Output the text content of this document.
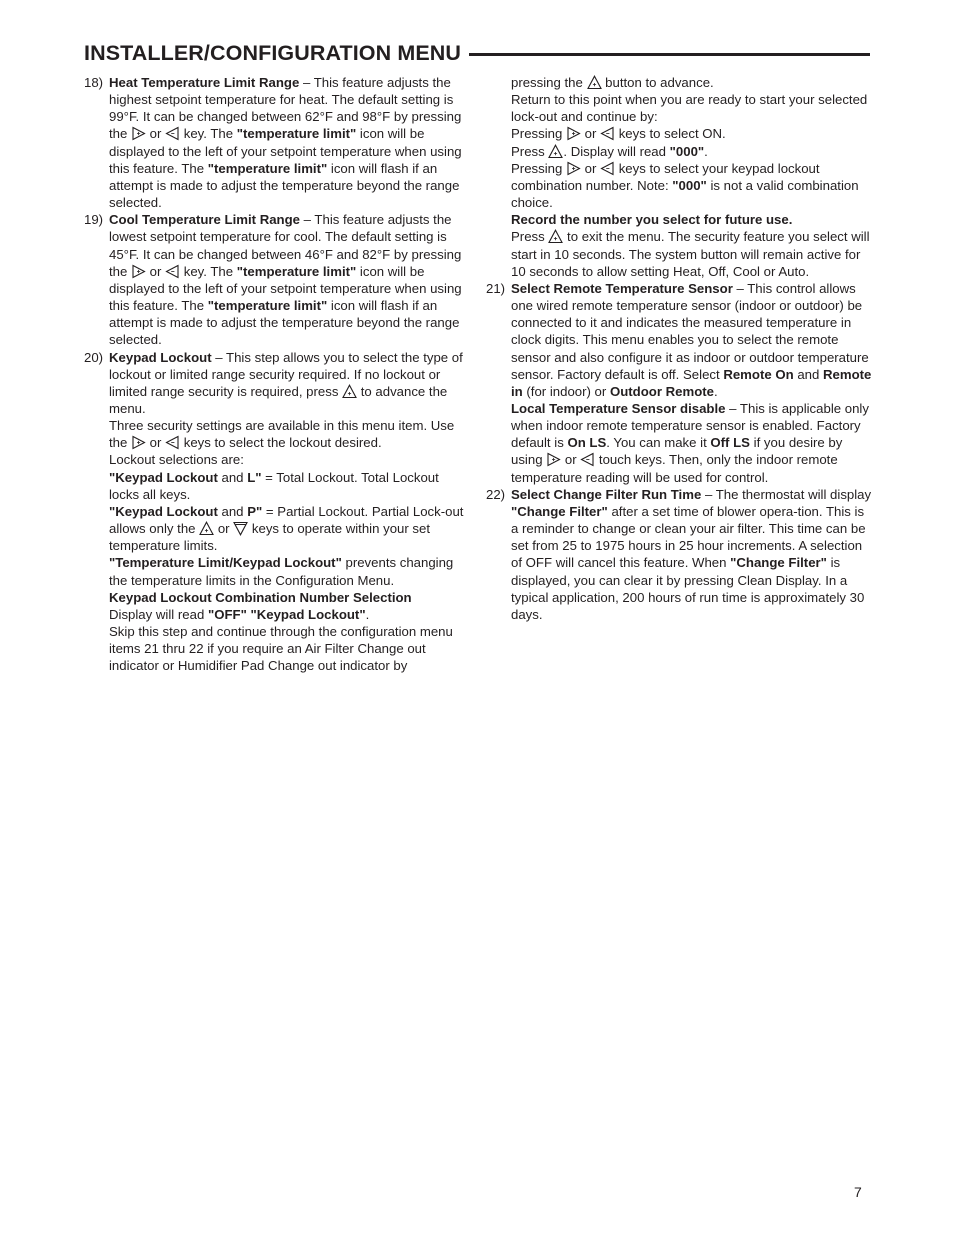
INSTALLER/CONFIGURATION MENU
18) Heat Temperature Limit Range – This feature adjusts the highest setpoint temperature for heat. The default setting is 99°F. It can be changed between 62°F and 98°F by pressing the
or
key. The "temperature limit" icon will be displayed to the left of your setpoint temperature when using this feature. The "temperature limit" icon will flash if an attempt is made to adjust the temperature beyond the range selected.
19) Cool Temperature Limit Range – This feature adjusts the lowest setpoint temperature for cool. The default setting is 45°F. It can be changed between 46°F and 82°F by pressing the
or
key. The "temperature limit" icon will be displayed to the left of your setpoint temperature when using this feature. The "temperature limit" icon will flash if an attempt is made to adjust the temperature beyond the range selected.
20) Keypad Lockout – This step allows you to select the type of lockout or limited range security required. If no lockout or limited range security is required, press
to advance the menu.
Three security settings are available in this menu item. Use the
or
keys to select the lockout desired.
Lockout selections are:
"Keypad Lockout and L" = Total Lockout. Total Lockout locks all keys.
"Keypad Lockout and P" = Partial Lockout. Partial Lock-out allows only the
or
keys to operate within your set temperature limits.
"Temperature Limit/Keypad Lockout" prevents changing the temperature limits in the Configuration Menu.
Keypad Lockout Combination Number Selection
Display will read "OFF" "Keypad Lockout".
Skip this step and continue through the configuration menu items 21 thru 22 if you require an Air Filter Change out indicator or Humidifier Pad Change out indicator by
pressing the
button to advance.
Return to this point when you are ready to start your selected lock-out and continue by:
Pressing
or
keys to select ON.
Press
. Display will read "000".
Pressing
or
keys to select your keypad lockout combination number. Note: "000" is not a valid combination choice.
Record the number you select for future use.
Press
to exit the menu. The security feature you select will start in 10 seconds. The system button will remain active for 10 seconds to allow setting Heat, Off, Cool or Auto.
21) Select Remote Temperature Sensor – This control allows one wired remote temperature sensor (indoor or outdoor) be connected to it and indicates the measured temperature in clock digits. This menu enables you to select the remote sensor and also configure it as indoor or outdoor temperature sensor. Factory default is off. Select Remote On and Remote in (for indoor) or Outdoor Remote.
Local Temperature Sensor disable – This is applicable only when indoor remote temperature sensor is enabled. Factory default is On LS. You can make it Off LS if you desire by using
or
touch keys. Then, only the indoor remote temperature reading will be used for control.
22) Select Change Filter Run Time – The thermostat will display "Change Filter" after a set time of blower opera-tion. This is a reminder to change or clean your air filter. This time can be set from 25 to 1975 hours in 25 hour increments. A selection of OFF will cancel this feature. When "Change Filter" is displayed, you can clear it by pressing Clean Display. In a typical application, 200 hours of run time is approximately 30 days.
7
